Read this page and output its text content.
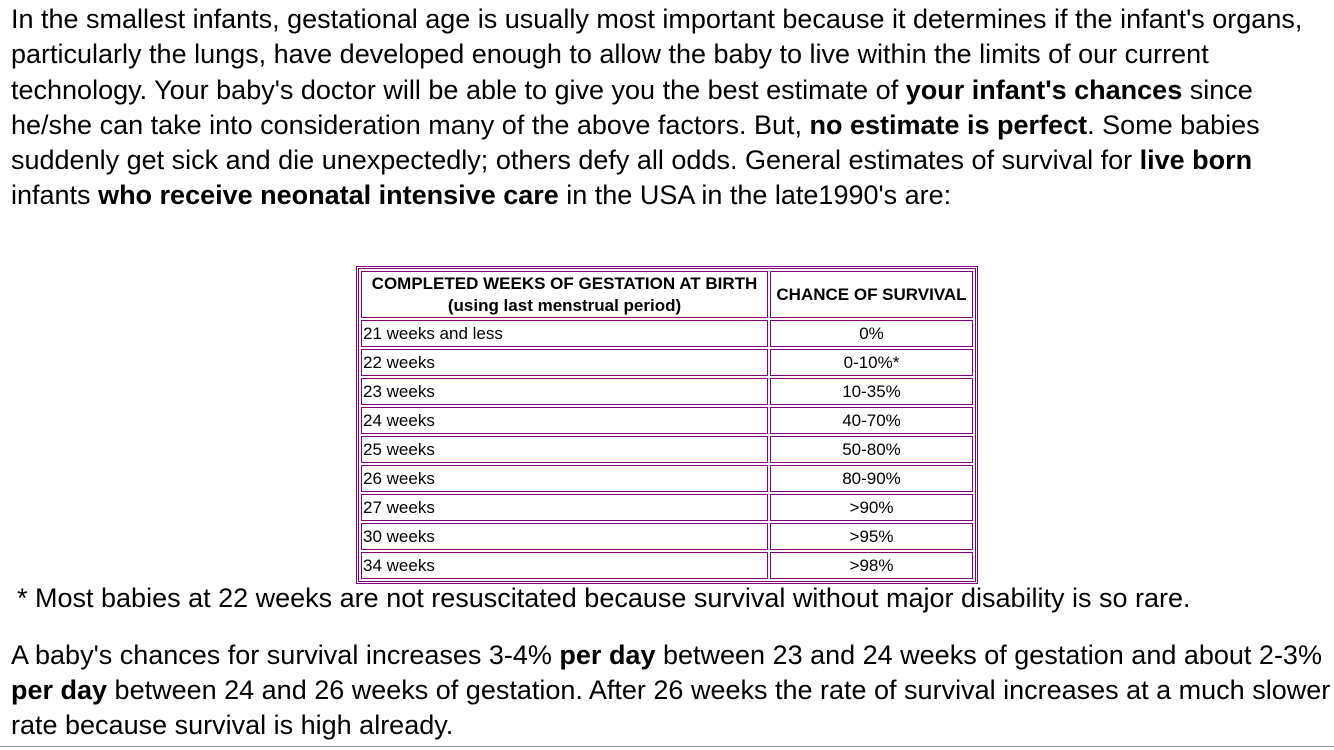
In the smallest infants, gestational age is usually most important because it determines if the infant's organs, particularly the lungs, have developed enough to allow the baby to live within the limits of our current technology. Your baby's doctor will be able to give you the best estimate of your infant's chances since he/she can take into consideration many of the above factors. But, no estimate is perfect. Some babies suddenly get sick and die unexpectedly; others defy all odds. General estimates of survival for live born infants who receive neonatal intensive care in the USA in the late1990's are:

COMPLETED WEEKS OF GESTATION AT BIRTH
(using last menstrual period)	CHANCE OF SURVIVAL
21 weeks and less	0%
22 weeks	0-10%*
23 weeks	10-35%
24 weeks	40-70%
25 weeks	50-80%
26 weeks	80-90%
27 weeks	>90%
30 weeks	>95%
34 weeks	>98%

* Most babies at 22 weeks are not resuscitated because survival without major disability is so rare.

A baby's chances for survival increases 3-4% per day between 23 and 24 weeks of gestation and about 2-3% per day between 24 and 26 weeks of gestation. After 26 weeks the rate of survival increases at a much slower rate because survival is high already.
